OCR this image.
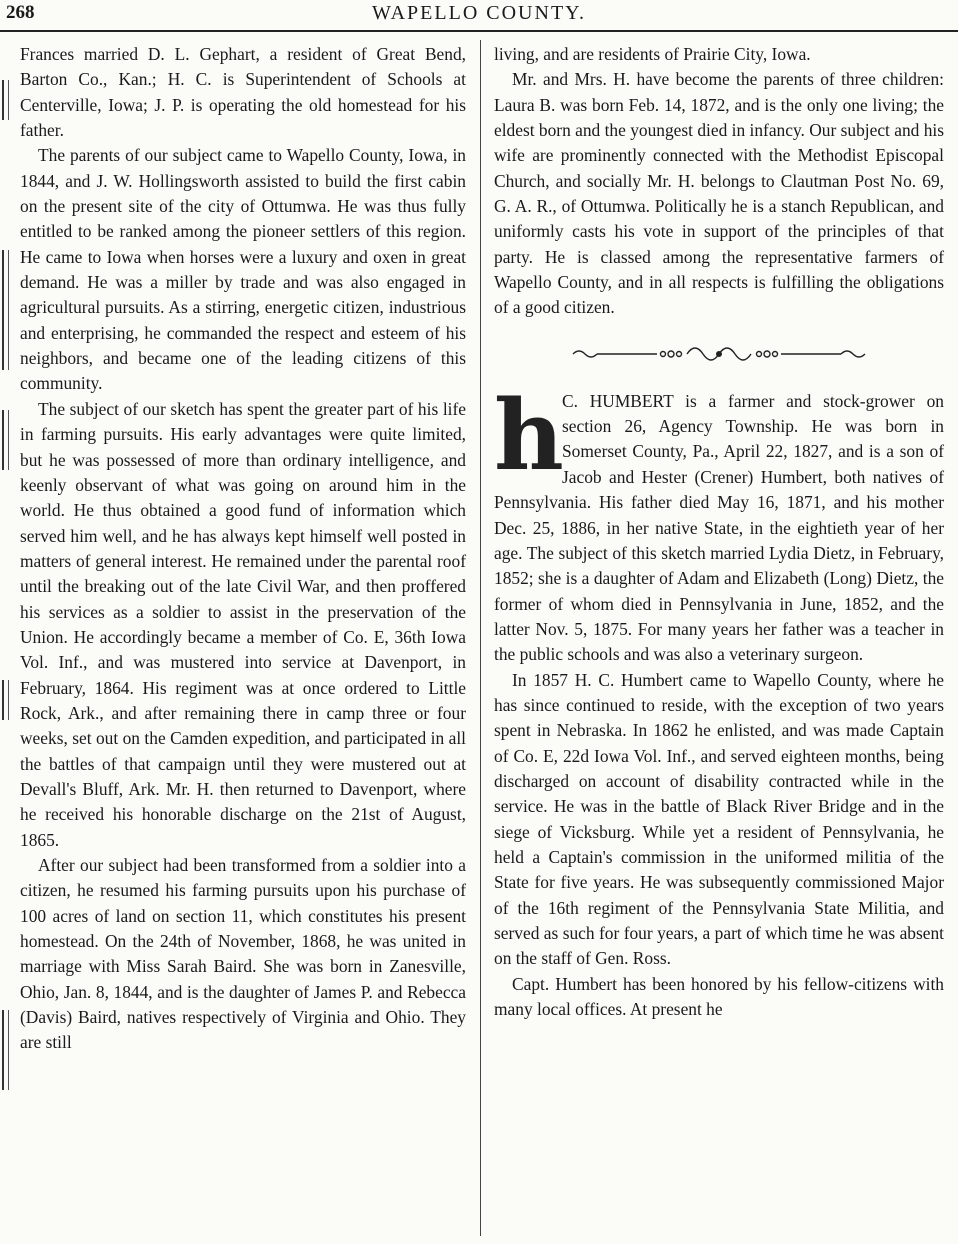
268	WAPELLO COUNTY.

Frances married D. L. Gephart, a resident of Great Bend, Barton Co., Kan.; H. C. is Superintendent of Schools at Centerville, Iowa; J. P. is operating the old homestead for his father.

The parents of our subject came to Wapello County, Iowa, in 1844, and J. W. Hollingsworth assisted to build the first cabin on the present site of the city of Ottumwa. He was thus fully entitled to be ranked among the pioneer settlers of this region. He came to Iowa when horses were a luxury and oxen in great demand. He was a miller by trade and was also engaged in agricultural pursuits. As a stirring, energetic citizen, industrious and enterprising, he commanded the respect and esteem of his neighbors, and became one of the leading citizens of this community.

The subject of our sketch has spent the greater part of his life in farming pursuits. His early advantages were quite limited, but he was possessed of more than ordinary intelligence, and keenly observant of what was going on around him in the world. He thus obtained a good fund of information which served him well, and he has always kept himself well posted in matters of general interest. He remained under the parental roof until the breaking out of the late Civil War, and then proffered his services as a soldier to assist in the preservation of the Union. He accordingly became a member of Co. E, 36th Iowa Vol. Inf., and was mustered into service at Davenport, in February, 1864. His regiment was at once ordered to Little Rock, Ark., and after remaining there in camp three or four weeks, set out on the Camden expedition, and participated in all the battles of that campaign until they were mustered out at Devall's Bluff, Ark. Mr. H. then returned to Davenport, where he received his honorable discharge on the 21st of August, 1865.

After our subject had been transformed from a soldier into a citizen, he resumed his farming pursuits upon his purchase of 100 acres of land on section 11, which constitutes his present homestead. On the 24th of November, 1868, he was united in marriage with Miss Sarah Baird. She was born in Zanesville, Ohio, Jan. 8, 1844, and is the daughter of James P. and Rebecca (Davis) Baird, natives respectively of Virginia and Ohio. They are still

living, and are residents of Prairie City, Iowa.

Mr. and Mrs. H. have become the parents of three children: Laura B. was born Feb. 14, 1872, and is the only one living; the eldest born and the youngest died in infancy. Our subject and his wife are prominently connected with the Methodist Episcopal Church, and socially Mr. H. belongs to Clautman Post No. 69, G. A. R., of Ottumwa. Politically he is a stanch Republican, and uniformly casts his vote in support of the principles of that party. He is classed among the representative farmers of Wapello County, and in all respects is fulfilling the obligations of a good citizen.

h

C. HUMBERT is a farmer and stock-grower on section 26, Agency Township. He was born in Somerset County, Pa., April 22, 1827, and is a son of Jacob and Hester (Crener) Humbert, both natives of Pennsylvania. His father died May 16, 1871, and his mother Dec. 25, 1886, in her native State, in the eightieth year of her age. The subject of this sketch married Lydia Dietz, in February, 1852; she is a daughter of Adam and Elizabeth (Long) Dietz, the former of whom died in Pennsylvania in June, 1852, and the latter Nov. 5, 1875. For many years her father was a teacher in the public schools and was also a veterinary surgeon.

In 1857 H. C. Humbert came to Wapello County, where he has since continued to reside, with the exception of two years spent in Nebraska. In 1862 he enlisted, and was made Captain of Co. E, 22d Iowa Vol. Inf., and served eighteen months, being discharged on account of disability contracted while in the service. He was in the battle of Black River Bridge and in the siege of Vicksburg. While yet a resident of Pennsylvania, he held a Captain's commission in the uniformed militia of the State for five years. He was subsequently commissioned Major of the 16th regiment of the Pennsylvania State Militia, and served as such for four years, a part of which time he was absent on the staff of Gen. Ross.

Capt. Humbert has been honored by his fellow-citizens with many local offices. At present he
